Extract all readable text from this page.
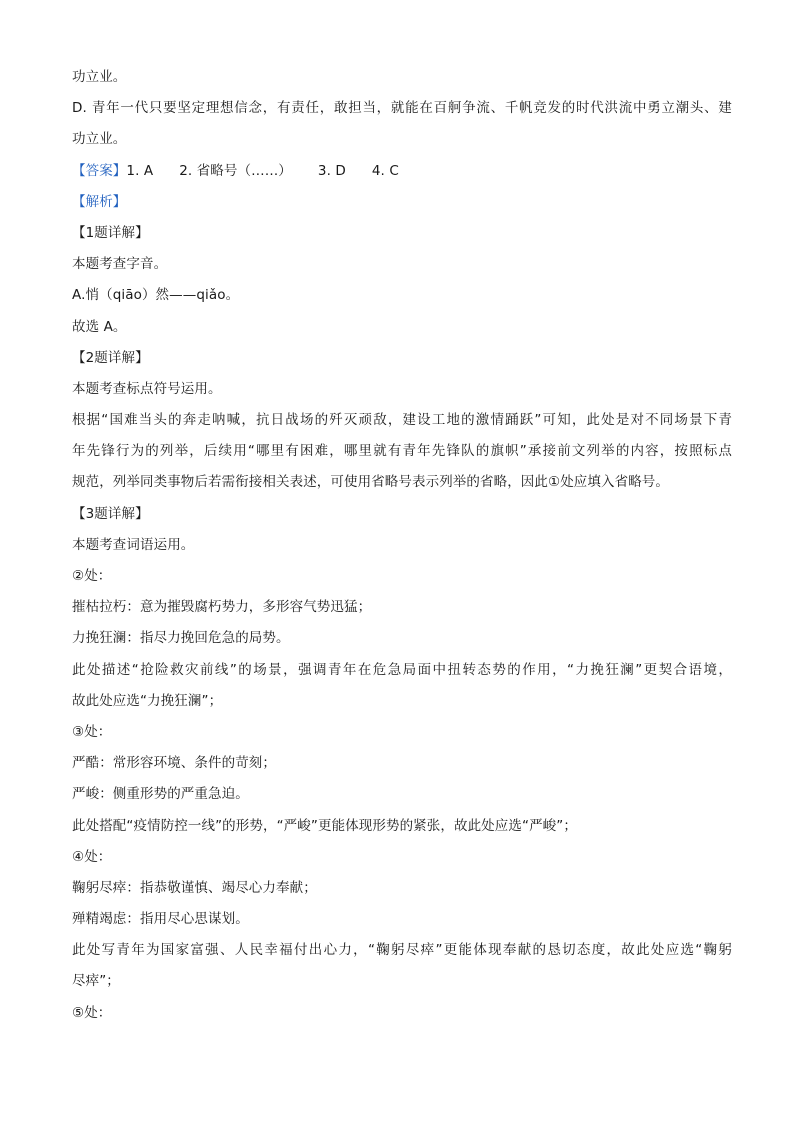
功立业。
D. 青年一代只要坚定理想信念，有责任，敢担当，就能在百舸争流、千帆竞发的时代洪流中勇立潮头、建
功立业。
【答案】1. A 2. 省略号（……） 3. D 4. C
【解析】
【1题详解】
本题考查字音。
A.悄（qiāo）然——qiǎo。
故选 A。
【2题详解】
本题考查标点符号运用。
根据“国难当头的奔走呐喊，抗日战场的歼灭顽敌，建设工地的激情踊跃”可知，此处是对不同场景下青
年先锋行为的列举，后续用“哪里有困难，哪里就有青年先锋队的旗帜”承接前文列举的内容，按照标点
规范，列举同类事物后若需衔接相关表述，可使用省略号表示列举的省略，因此①处应填入省略号。
【3题详解】
本题考查词语运用。
②处：
摧枯拉朽：意为摧毁腐朽势力，多形容气势迅猛；
力挽狂澜：指尽力挽回危急的局势。
此处描述“抢险救灾前线”的场景，强调青年在危急局面中扭转态势的作用，“力挽狂澜”更契合语境，
故此处应选“力挽狂澜”；
③处：
严酷：常形容环境、条件的苛刻；
严峻：侧重形势的严重急迫。
此处搭配“疫情防控一线”的形势，“严峻”更能体现形势的紧张，故此处应选“严峻”；
④处：
鞠躬尽瘁：指恭敬谨慎、竭尽心力奉献；
殚精竭虑：指用尽心思谋划。
此处写青年为国家富强、人民幸福付出心力，“鞠躬尽瘁”更能体现奉献的恳切态度，故此处应选“鞠躬
尽瘁”；
⑤处：
